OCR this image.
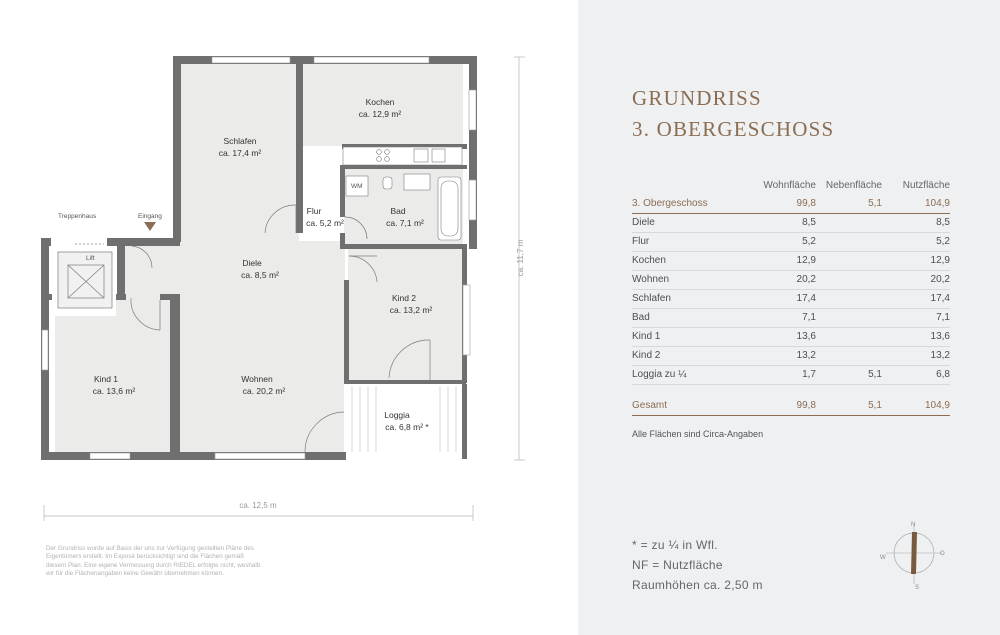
WM
Lift
Treppenhaus	Eingang
Kochen
ca. 12,9 m²
Schlafen
ca. 17,4 m²
Flur
ca. 5,2 m²
Bad
ca. 7,1 m²
Diele
ca. 8,5 m²
Kind 2
ca. 13,2 m²
Kind 1
ca. 13,6 m²
Wohnen
ca. 20,2 m²
Loggia
ca. 6,8 m² *
ca. 12,5 m
ca. 11,7 m
Der Grundriss wurde auf Basis der uns zur Verfügung gestellten Pläne des Eigentümers erstellt. Im Exposé berücksichtigt sind die Flächen gemäß diesem Plan. Eine eigene Vermessung durch RIEDEL erfolgte nicht, weshalb wir für die Flächenangaben keine Gewähr übernehmen können.
GRUNDRISS
3. OBERGESCHOSS
	Wohnfläche	Nebenfläche	Nutzfläche
3. Obergeschoss	99,8	5,1	104,9
Diele	8,5		8,5
Flur	5,2		5,2
Kochen	12,9		12,9
Wohnen	20,2		20,2
Schlafen	17,4		17,4
Bad	7,1		7,1
Kind 1	13,6		13,6
Kind 2	13,2		13,2
Loggia zu ¼	1,7	5,1	6,8

Gesamt	99,8	5,1	104,9
Alle Flächen sind Circa-Angaben
* = zu ¼ in Wfl.
NF = Nutzfläche
Raumhöhen ca. 2,50 m
N
O
S
W
